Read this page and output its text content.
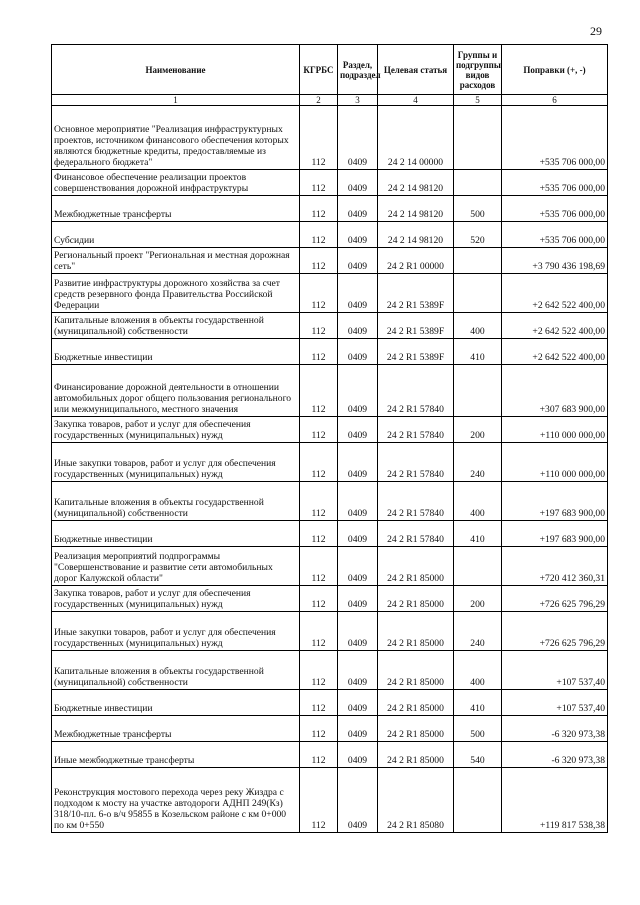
29
Наименование	КГРБС	Раздел, подраздел	Целевая статья	Группы и подгруппы видов расходов	Поправки (+, -)
1	2	3	4	5	6
Основное мероприятие "Реализация инфраструктурных проектов, источником финансового обеспечения которых являются бюджетные кредиты, предоставляемые из федерального бюджета"	112	0409	24 2 14 00000		+535 706 000,00
Финансовое обеспечение реализации проектов совершенствования дорожной инфраструктуры	112	0409	24 2 14 98120		+535 706 000,00
Межбюджетные трансферты	112	0409	24 2 14 98120	500	+535 706 000,00
Субсидии	112	0409	24 2 14 98120	520	+535 706 000,00
Региональный проект "Региональная и местная дорожная сеть"	112	0409	24 2 R1 00000		+3 790 436 198,69
Развитие инфраструктуры дорожного хозяйства за счет средств резервного фонда Правительства Российской Федерации	112	0409	24 2 R1 5389F		+2 642 522 400,00
Капитальные вложения в объекты государственной (муниципальной) собственности	112	0409	24 2 R1 5389F	400	+2 642 522 400,00
Бюджетные инвестиции	112	0409	24 2 R1 5389F	410	+2 642 522 400,00
Финансирование дорожной деятельности в отношении автомобильных дорог общего пользования регионального или межмуниципального, местного значения	112	0409	24 2 R1 57840		+307 683 900,00
Закупка товаров, работ и услуг для обеспечения государственных (муниципальных) нужд	112	0409	24 2 R1 57840	200	+110 000 000,00
Иные закупки товаров, работ и услуг для обеспечения государственных (муниципальных) нужд	112	0409	24 2 R1 57840	240	+110 000 000,00
Капитальные вложения в объекты государственной (муниципальной) собственности	112	0409	24 2 R1 57840	400	+197 683 900,00
Бюджетные инвестиции	112	0409	24 2 R1 57840	410	+197 683 900,00
Реализация мероприятий подпрограммы "Совершенствование и развитие сети автомобильных дорог Калужской области"	112	0409	24 2 R1 85000		+720 412 360,31
Закупка товаров, работ и услуг для обеспечения государственных (муниципальных) нужд	112	0409	24 2 R1 85000	200	+726 625 796,29
Иные закупки товаров, работ и услуг для обеспечения государственных (муниципальных) нужд	112	0409	24 2 R1 85000	240	+726 625 796,29
Капитальные вложения в объекты государственной (муниципальной) собственности	112	0409	24 2 R1 85000	400	+107 537,40
Бюджетные инвестиции	112	0409	24 2 R1 85000	410	+107 537,40
Межбюджетные трансферты	112	0409	24 2 R1 85000	500	-6 320 973,38
Иные межбюджетные трансферты	112	0409	24 2 R1 85000	540	-6 320 973,38
Реконструкция мостового перехода через реку Жиздра с подходом к мосту на участке автодороги АДНП 249(Кз) 318/10-пл. 6-о в/ч 95855 в Козельском районе с км 0+000 по км 0+550	112	0409	24 2 R1 85080		+119 817 538,38
